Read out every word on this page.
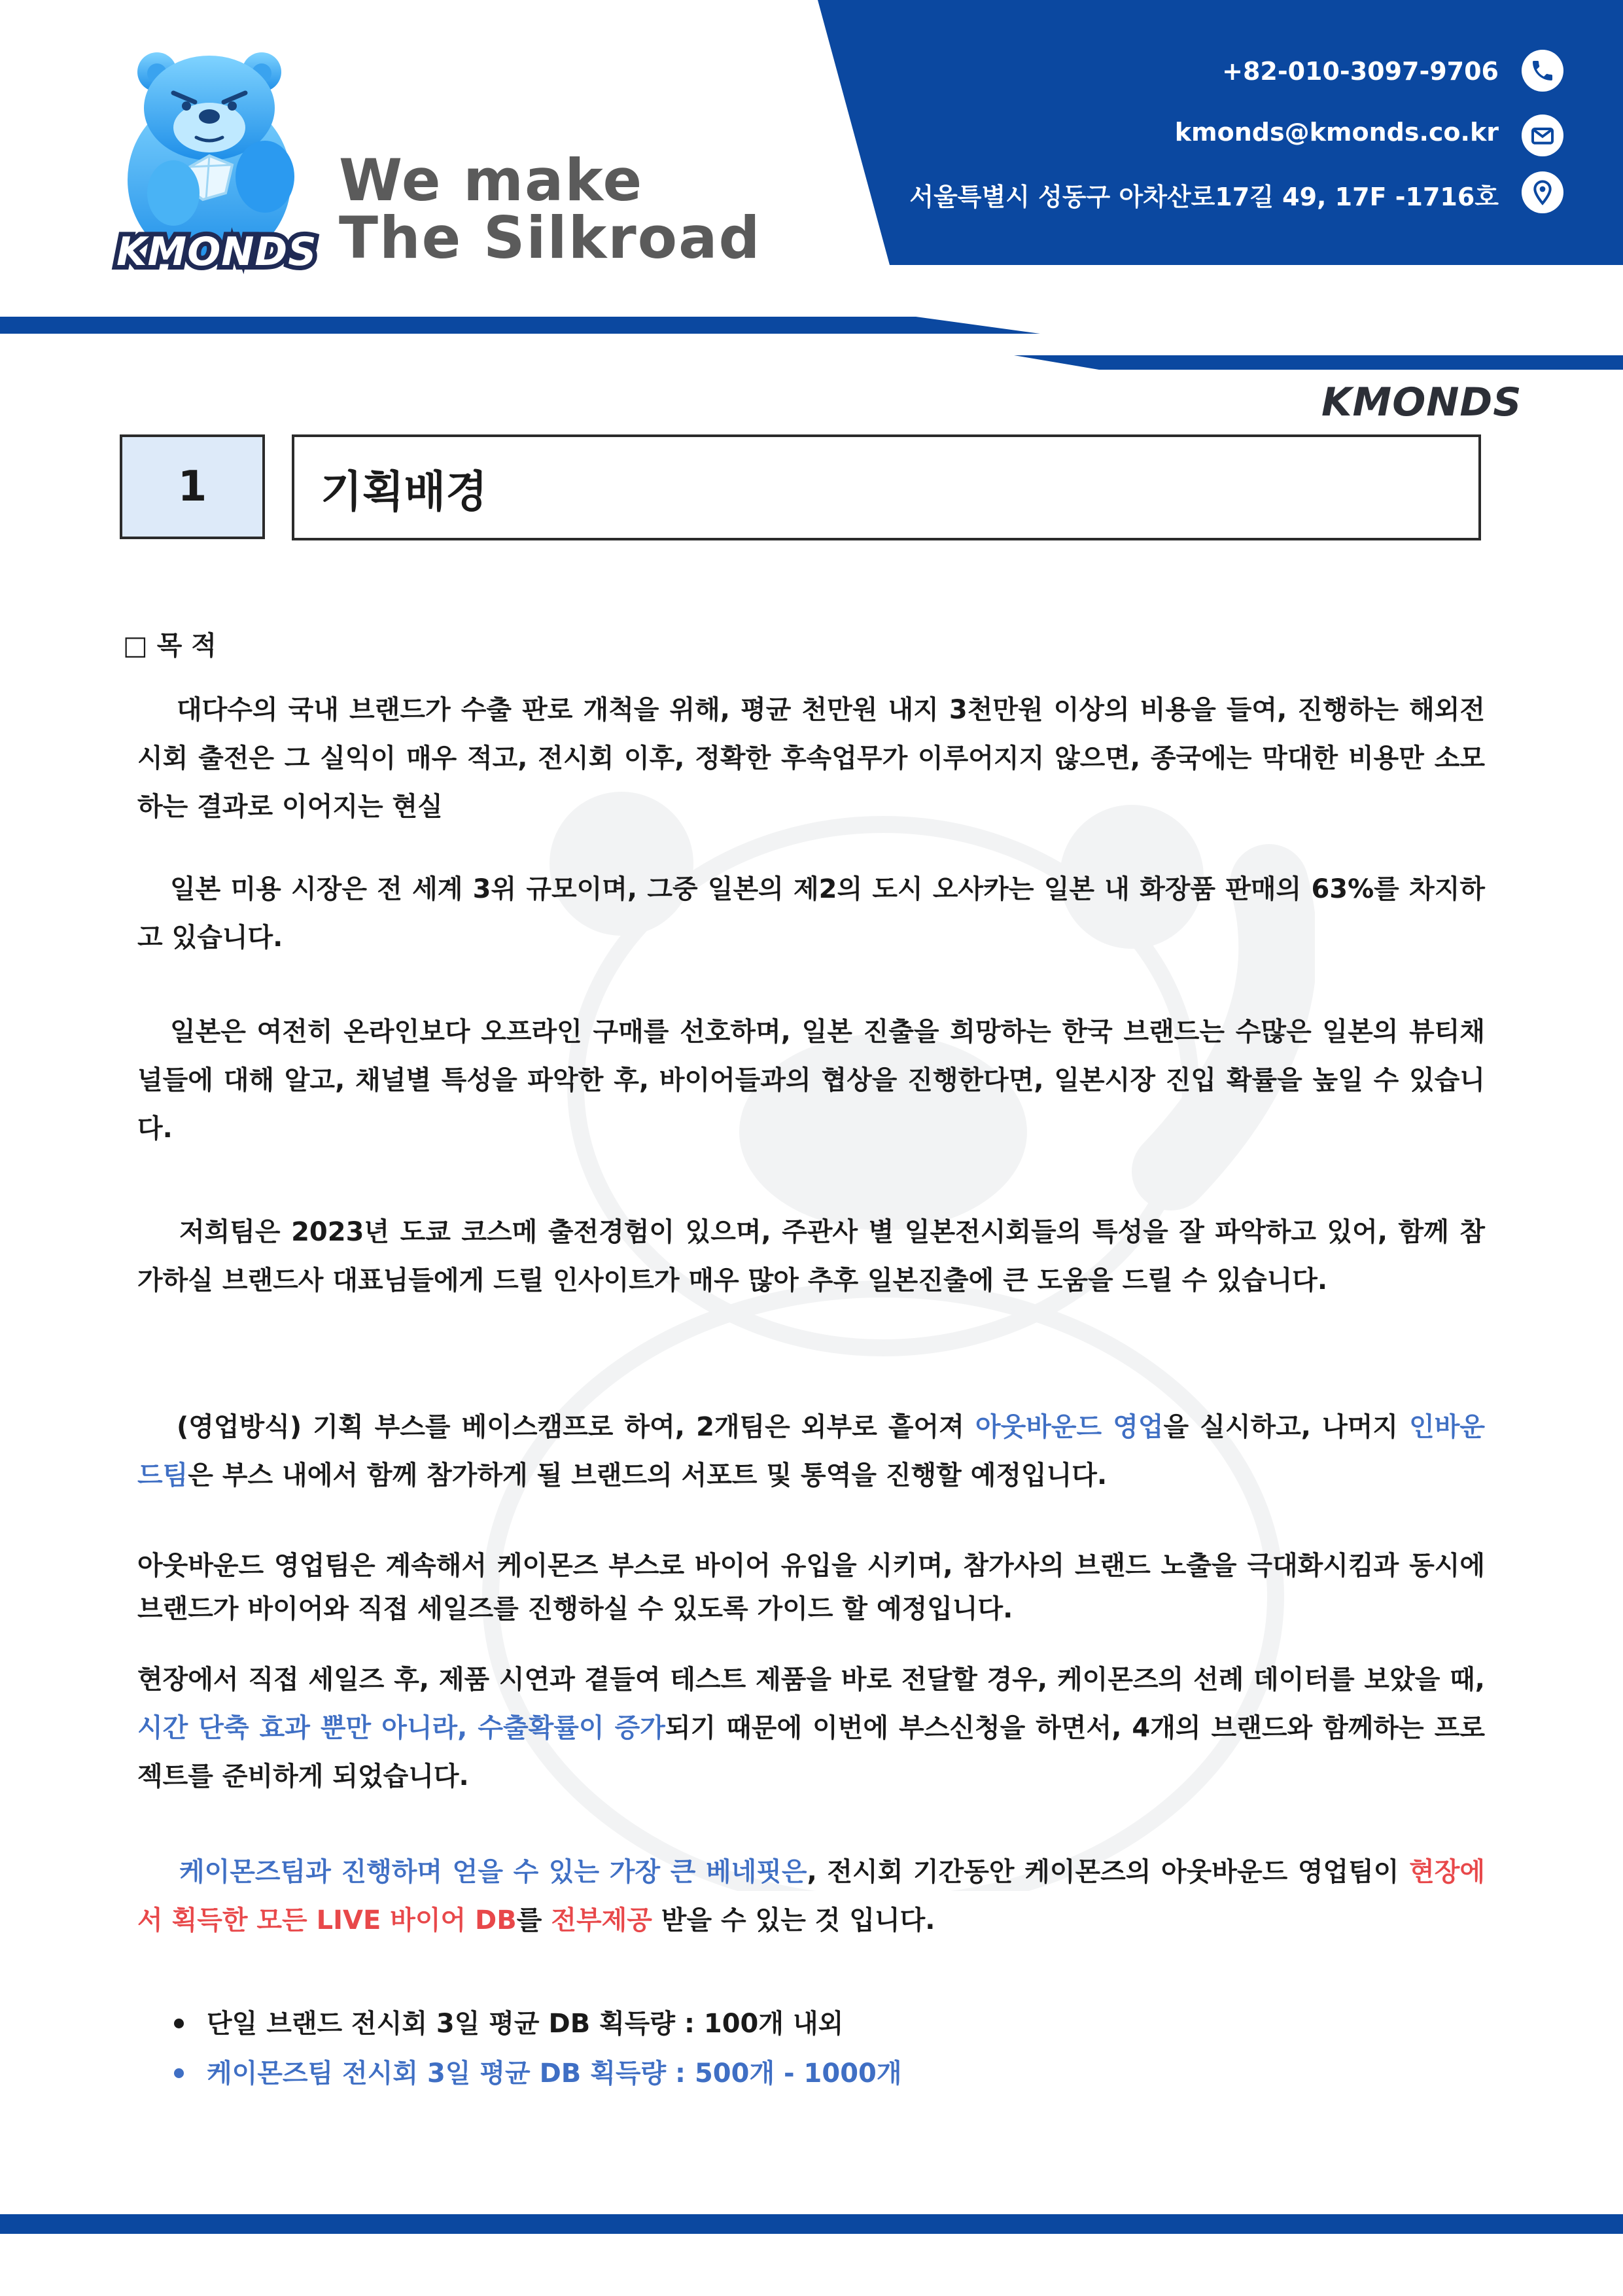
+82-010-3097-9706
kmonds@kmonds.co.kr
서울특별시 성동구 아차산로17길 49, 17F -1716호
KMONDS
We make
The Silkroad
KMONDS
1	기획배경
□ 목 적

대다수의 국내 브랜드가 수출 판로 개척을 위해, 평균 천만원 내지 3천만원 이상의 비용을 들여, 진행하는 해외전시회 출전은 그 실익이 매우 적고, 전시회 이후, 정확한 후속업무가 이루어지지 않으면, 종국에는 막대한 비용만 소모하는 결과로 이어지는 현실

일본 미용 시장은 전 세계 3위 규모이며, 그중 일본의 제2의 도시 오사카는 일본 내 화장품 판매의 63%를 차지하고 있습니다.

일본은 여전히 온라인보다 오프라인 구매를 선호하며, 일본 진출을 희망하는 한국 브랜드는 수많은 일본의 뷰티채널들에 대해 알고, 채널별 특성을 파악한 후, 바이어들과의 협상을 진행한다면, 일본시장 진입 확률을 높일 수 있습니다.

저희팀은 2023년 도쿄 코스메 출전경험이 있으며, 주관사 별 일본전시회들의 특성을 잘 파악하고 있어, 함께 참가하실 브랜드사 대표님들에게 드릴 인사이트가 매우 많아 추후 일본진출에 큰 도움을 드릴 수 있습니다.

(영업방식) 기획 부스를 베이스캠프로 하여, 2개팀은 외부로 흩어져 아웃바운드 영업을 실시하고, 나머지 인바운드팀은 부스 내에서 함께 참가하게 될 브랜드의 서포트 및 통역을 진행할 예정입니다.

아웃바운드 영업팀은 계속해서 케이몬즈 부스로 바이어 유입을 시키며, 참가사의 브랜드 노출을 극대화시킴과 동시에 브랜드가 바이어와 직접 세일즈를 진행하실 수 있도록 가이드 할 예정입니다.

현장에서 직접 세일즈 후, 제품 시연과 곁들여 테스트 제품을 바로 전달할 경우, 케이몬즈의 선례 데이터를 보았을 때, 시간 단축 효과 뿐만 아니라, 수출확률이 증가되기 때문에 이번에 부스신청을 하면서, 4개의 브랜드와 함께하는 프로젝트를 준비하게 되었습니다.

케이몬즈팀과 진행하며 얻을 수 있는 가장 큰 베네핏은, 전시회 기간동안 케이몬즈의 아웃바운드 영업팀이 현장에서 획득한 모든 LIVE 바이어 DB를 전부제공 받을 수 있는 것 입니다.

단일 브랜드 전시회 3일 평균 DB 획득량 : 100개 내외
케이몬즈팀 전시회 3일 평균 DB 획득량 : 500개 - 1000개
